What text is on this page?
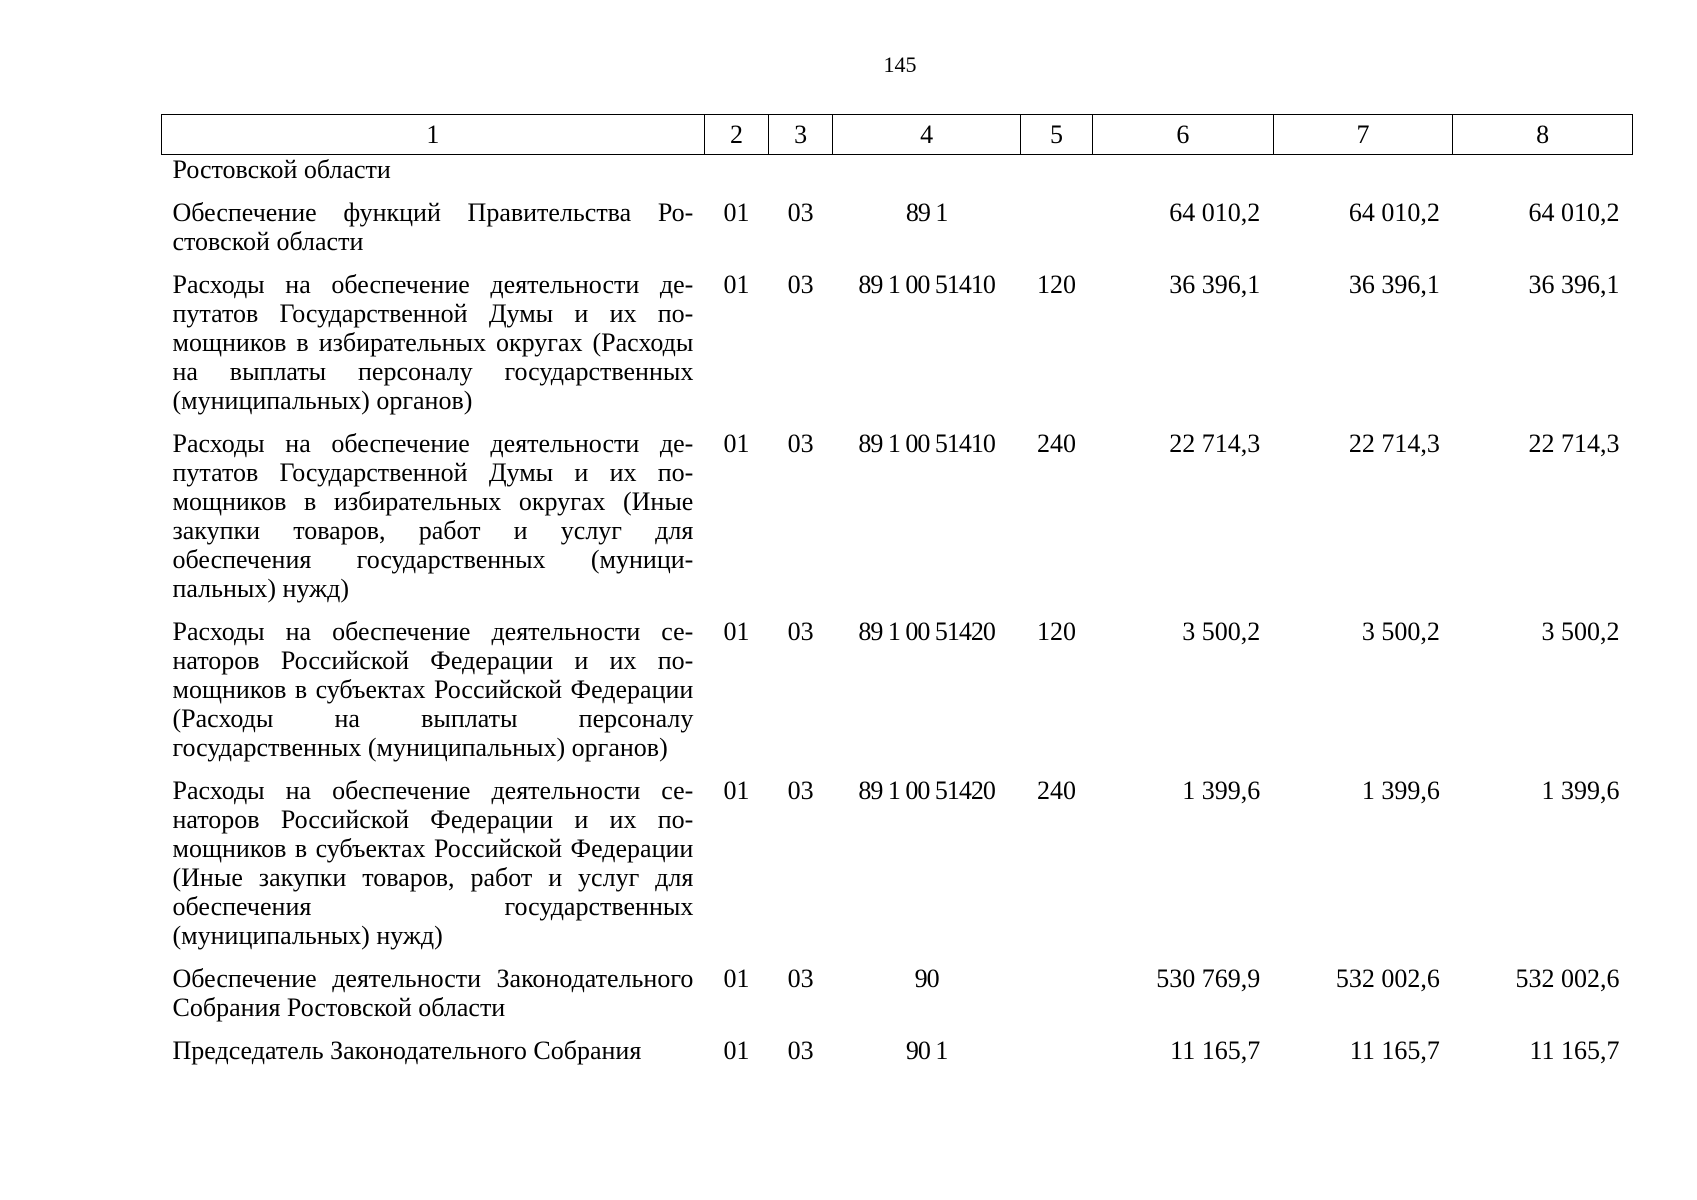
145
1	2	3	4	5	6	7	8
Ростовской области							
Обеспечение функций Правительства Ростовской области	01	03	89 1		64 010,2	64 010,2	64 010,2
Расходы на обеспечение деятельности депутатов Государственной Думы и их помощников в избирательных округах (Расходы на выплаты персоналу государственных (муниципальных) органов)	01	03	89 1 00 51410	120	36 396,1	36 396,1	36 396,1
Расходы на обеспечение деятельности депутатов Государственной Думы и их помощников в избирательных округах (Иные закупки товаров, работ и услуг для обеспечения государственных (муниципальных) нужд)	01	03	89 1 00 51410	240	22 714,3	22 714,3	22 714,3
Расходы на обеспечение деятельности сенаторов Российской Федерации и их помощников в субъектах Российской Федерации (Расходы на выплаты персоналу государственных (муниципальных) органов)	01	03	89 1 00 51420	120	3 500,2	3 500,2	3 500,2
Расходы на обеспечение деятельности сенаторов Российской Федерации и их помощников в субъектах Российской Федерации (Иные закупки товаров, работ и услуг для обеспечения государственных (муниципальных) нужд)	01	03	89 1 00 51420	240	1 399,6	1 399,6	1 399,6
Обеспечение деятельности Законодательного Собрания Ростовской области	01	03	90		530 769,9	532 002,6	532 002,6
Председатель Законодательного Собрания	01	03	90 1		11 165,7	11 165,7	11 165,7
